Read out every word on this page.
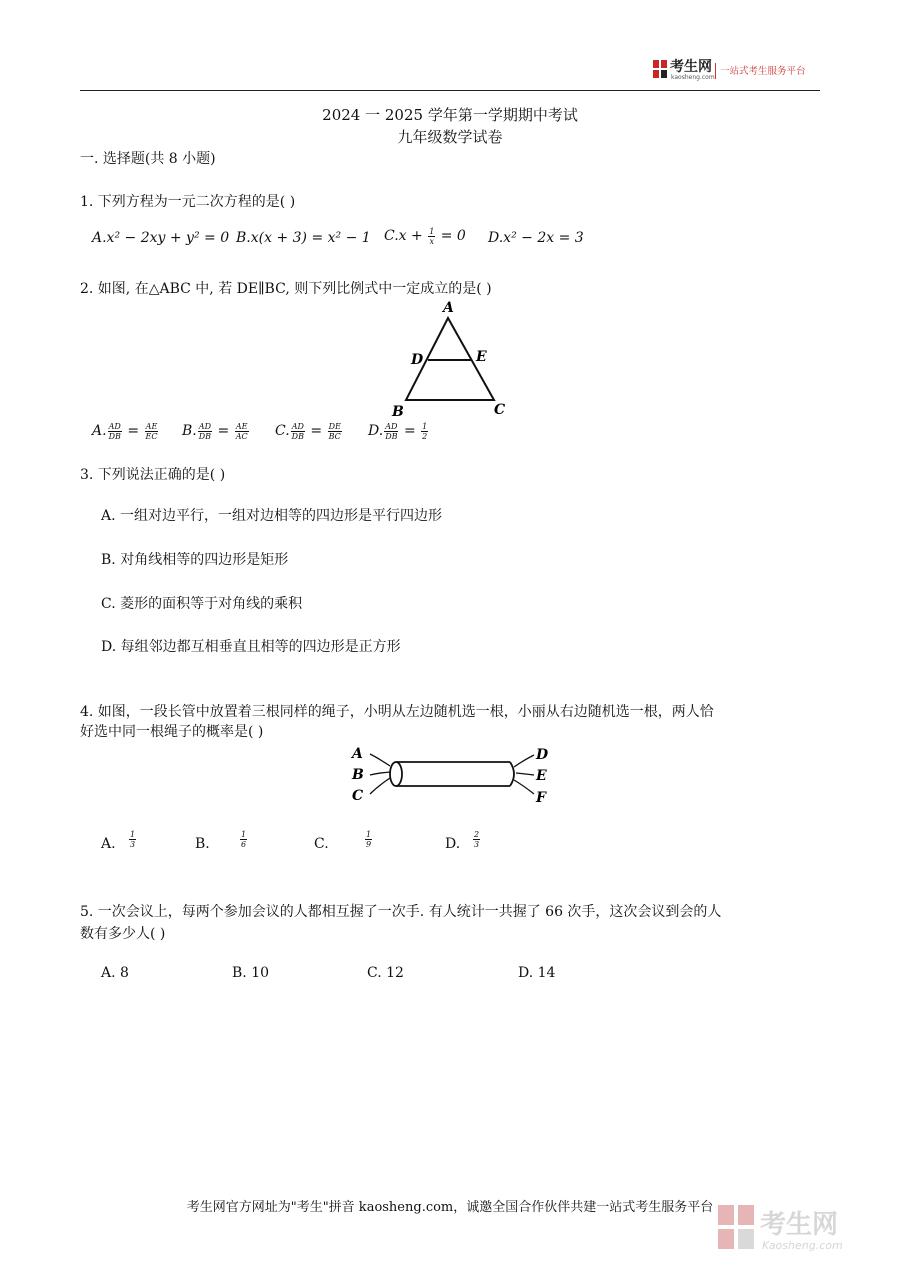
考生网
kaosheng.com
一站式考生服务平台
2024 一 2025 学年第一学期期中考试
九年级数学试卷
一. 选择题(共 8 小题)
1. 下列方程为一元二次方程的是( )
A.x² − 2xy + y² = 0 B.x(x + 3) = x² − 1 $C.x + \frac{1}{x} = 0$ D.x² − 2x = 3
2. 如图, 在△ABC 中, 若 DE∥BC, 则下列比例式中一定成立的是( )
A
D	E
B	C
A. $\frac{AD}{DB} = \frac{AE}{EC} B$. $\frac{AD}{DB} = \frac{AE}{AC} C$. $\frac{AD}{DB} = \frac{DE}{BC} D$. $\frac{AD}{DB} = \frac{1}{2}$
3. 下列说法正确的是( )
A. 一组对边平行，一组对边相等的四边形是平行四边形
B. 对角线相等的四边形是矩形
C. 菱形的面积等于对角线的乘积
D. 每组邻边都互相垂直且相等的四边形是正方形
4. 如图，一段长管中放置着三根同样的绳子，小明从左边随机选一根，小丽从右边随机选一根，两人恰
好选中同一根绳子的概率是( )
A
B
C
D
E
F
A. $\frac{1}{3}$	B.	$\frac{1}{6}$	C.	$\frac{1}{9}$	D. $\frac{2}{3}$
5. 一次会议上，每两个参加会议的人都相互握了一次手. 有人统计一共握了 66 次手，这次会议到会的人
数有多少人( )
A. 8	B. 10	C. 12	D. 14
考生网官方网址为"考生"拼音 kaosheng.com，诚邀全国合作伙伴共建一站式考生服务平台
考生网
Kaosheng.com
